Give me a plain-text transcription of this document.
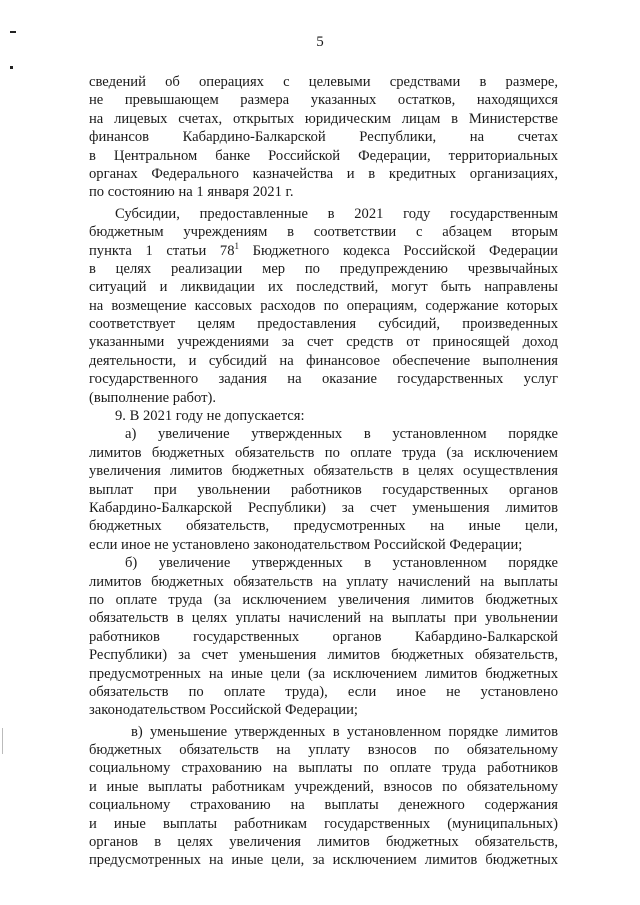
5
сведений об операциях с целевыми средствами в размере,
не превышающем размера указанных остатков, находящихся
на лицевых счетах, открытых юридическим лицам в Министерстве
финансов Кабардино-Балкарской Республики, на счетах
в Центральном банке Российской Федерации, территориальных
органах Федерального казначейства и в кредитных организациях,
по состоянию на 1 января 2021 г.
Субсидии, предоставленные в 2021 году государственным
бюджетным учреждениям в соответствии с абзацем вторым
пункта 1 статьи $78^1$ Бюджетного кодекса Российской Федерации
в целях реализации мер по предупреждению чрезвычайных
ситуаций и ликвидации их последствий, могут быть направлены
на возмещение кассовых расходов по операциям, содержание которых
соответствует целям предоставления субсидий, произведенных
указанными учреждениями за счет средств от приносящей доход
деятельности, и субсидий на финансовое обеспечение выполнения
государственного задания на оказание государственных услуг
(выполнение работ).
9. В 2021 году не допускается:
а) увеличение утвержденных в установленном порядке
лимитов бюджетных обязательств по оплате труда (за исключением
увеличения лимитов бюджетных обязательств в целях осуществления
выплат при увольнении работников государственных органов
Кабардино-Балкарской Республики) за счет уменьшения лимитов
бюджетных обязательств, предусмотренных на иные цели,
если иное не установлено законодательством Российской Федерации;
б) увеличение утвержденных в установленном порядке
лимитов бюджетных обязательств на уплату начислений на выплаты
по оплате труда (за исключением увеличения лимитов бюджетных
обязательств в целях уплаты начислений на выплаты при увольнении
работников государственных органов Кабардино-Балкарской
Республики) за счет уменьшения лимитов бюджетных обязательств,
предусмотренных на иные цели (за исключением лимитов бюджетных
обязательств по оплате труда), если иное не установлено
законодательством Российской Федерации;
в) уменьшение утвержденных в установленном порядке лимитов
бюджетных обязательств на уплату взносов по обязательному
социальному страхованию на выплаты по оплате труда работников
и иные выплаты работникам учреждений, взносов по обязательному
социальному страхованию на выплаты денежного содержания
и иные выплаты работникам государственных (муниципальных)
органов в целях увеличения лимитов бюджетных обязательств,
предусмотренных на иные цели, за исключением лимитов бюджетных
